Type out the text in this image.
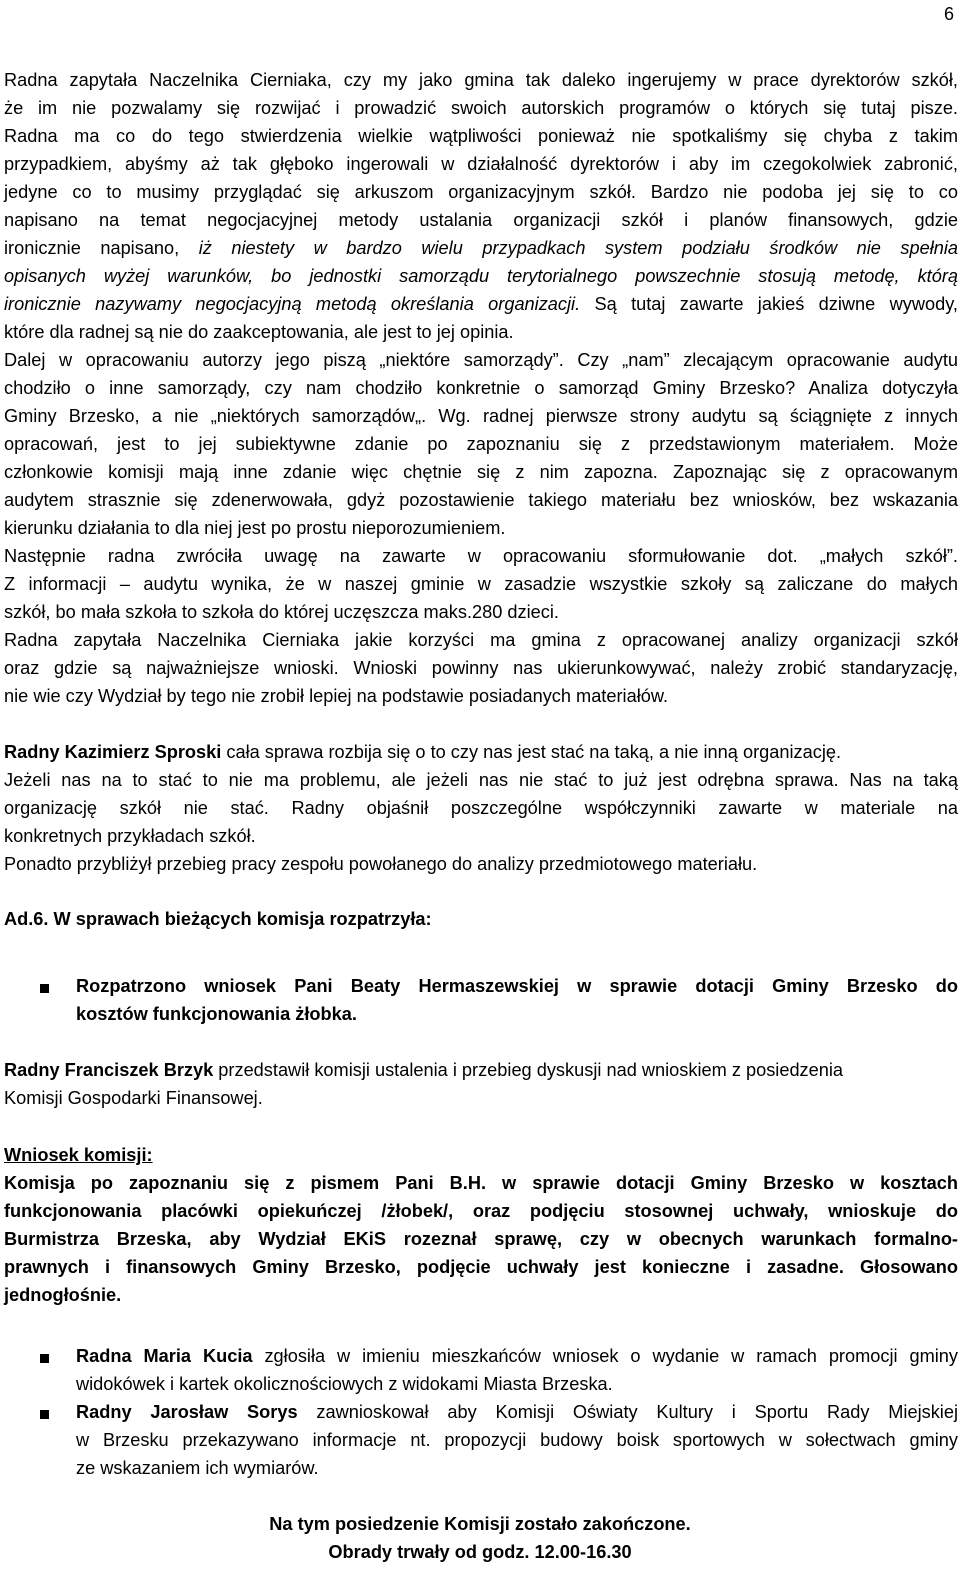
6
Radna zapytała Naczelnika Cierniaka, czy my jako gmina tak daleko ingerujemy w prace dyrektorów szkół,
że im nie pozwalamy się rozwijać i prowadzić swoich autorskich programów o których się tutaj pisze.
Radna ma co do tego stwierdzenia wielkie wątpliwości ponieważ nie spotkaliśmy się chyba z takim
przypadkiem, abyśmy aż tak głęboko ingerowali w działalność dyrektorów i aby im czegokolwiek zabronić,
jedyne co to musimy przyglądać się arkuszom organizacyjnym szkół. Bardzo nie podoba jej się to co
napisano na temat negocjacyjnej metody ustalania organizacji szkół i planów finansowych, gdzie
ironicznie napisano, iż niestety w bardzo wielu przypadkach system podziału środków nie spełnia
opisanych wyżej warunków, bo jednostki samorządu terytorialnego powszechnie stosują metodę, którą
ironicznie nazywamy negocjacyjną metodą określania organizacji. Są tutaj zawarte jakieś dziwne wywody,
które dla radnej są nie do zaakceptowania, ale jest to jej opinia.
Dalej w opracowaniu autorzy jego piszą „niektóre samorządy”. Czy „nam” zlecającym opracowanie audytu
chodziło o inne samorządy, czy nam chodziło konkretnie o samorząd Gminy Brzesko? Analiza dotyczyła
Gminy Brzesko, a nie „niektórych samorządów„. Wg. radnej pierwsze strony audytu są ściągnięte z innych
opracowań, jest to jej subiektywne zdanie po zapoznaniu się z przedstawionym materiałem. Może
członkowie komisji mają inne zdanie więc chętnie się z nim zapozna. Zapoznając się z opracowanym
audytem strasznie się zdenerwowała, gdyż pozostawienie takiego materiału bez wniosków, bez wskazania
kierunku działania to dla niej jest po prostu nieporozumieniem.
Następnie radna zwróciła uwagę na zawarte w opracowaniu sformułowanie dot. „małych szkół”.
Z informacji – audytu wynika, że w naszej gminie w zasadzie wszystkie szkoły są zaliczane do małych
szkół, bo mała szkoła to szkoła do której uczęszcza maks.280 dzieci.
Radna zapytała Naczelnika Cierniaka jakie korzyści ma gmina z opracowanej analizy organizacji szkół
oraz gdzie są najważniejsze wnioski. Wnioski powinny nas ukierunkowywać, należy zrobić standaryzację,
nie wie czy Wydział by tego nie zrobił lepiej na podstawie posiadanych materiałów.
Radny Kazimierz Sproski cała sprawa rozbija się o to czy nas jest stać na taką, a nie inną organizację.
Jeżeli nas na to stać to nie ma problemu, ale jeżeli nas nie stać to już jest odrębna sprawa. Nas na taką
organizację szkół nie stać. Radny objaśnił poszczególne współczynniki zawarte w materiale na
konkretnych przykładach szkół.
Ponadto przybliżył przebieg pracy zespołu powołanego do analizy przedmiotowego materiału.
Ad.6. W sprawach bieżących komisja rozpatrzyła:
Rozpatrzono wniosek Pani Beaty Hermaszewskiej w sprawie dotacji Gminy Brzesko do
kosztów funkcjonowania żłobka.
Radny Franciszek Brzyk przedstawił komisji ustalenia i przebieg dyskusji nad wnioskiem z posiedzenia
Komisji Gospodarki Finansowej.
Wniosek komisji:
Komisja po zapoznaniu się z pismem Pani B.H. w sprawie dotacji Gminy Brzesko w kosztach
funkcjonowania placówki opiekuńczej /żłobek/, oraz podjęciu stosownej uchwały, wnioskuje do
Burmistrza Brzeska, aby Wydział EKiS rozeznał sprawę, czy w obecnych warunkach formalno-
prawnych i finansowych Gminy Brzesko, podjęcie uchwały jest konieczne i zasadne. Głosowano
jednogłośnie.
Radna Maria Kucia zgłosiła w imieniu mieszkańców wniosek o wydanie w ramach promocji gminy
widokówek i kartek okolicznościowych z widokami Miasta Brzeska.
Radny Jarosław Sorys zawnioskował aby Komisji Oświaty Kultury i Sportu Rady Miejskiej
w Brzesku przekazywano informacje nt. propozycji budowy boisk sportowych w sołectwach gminy
ze wskazaniem ich wymiarów.
Na tym posiedzenie Komisji zostało zakończone.
Obrady trwały od godz. 12.00-16.30
